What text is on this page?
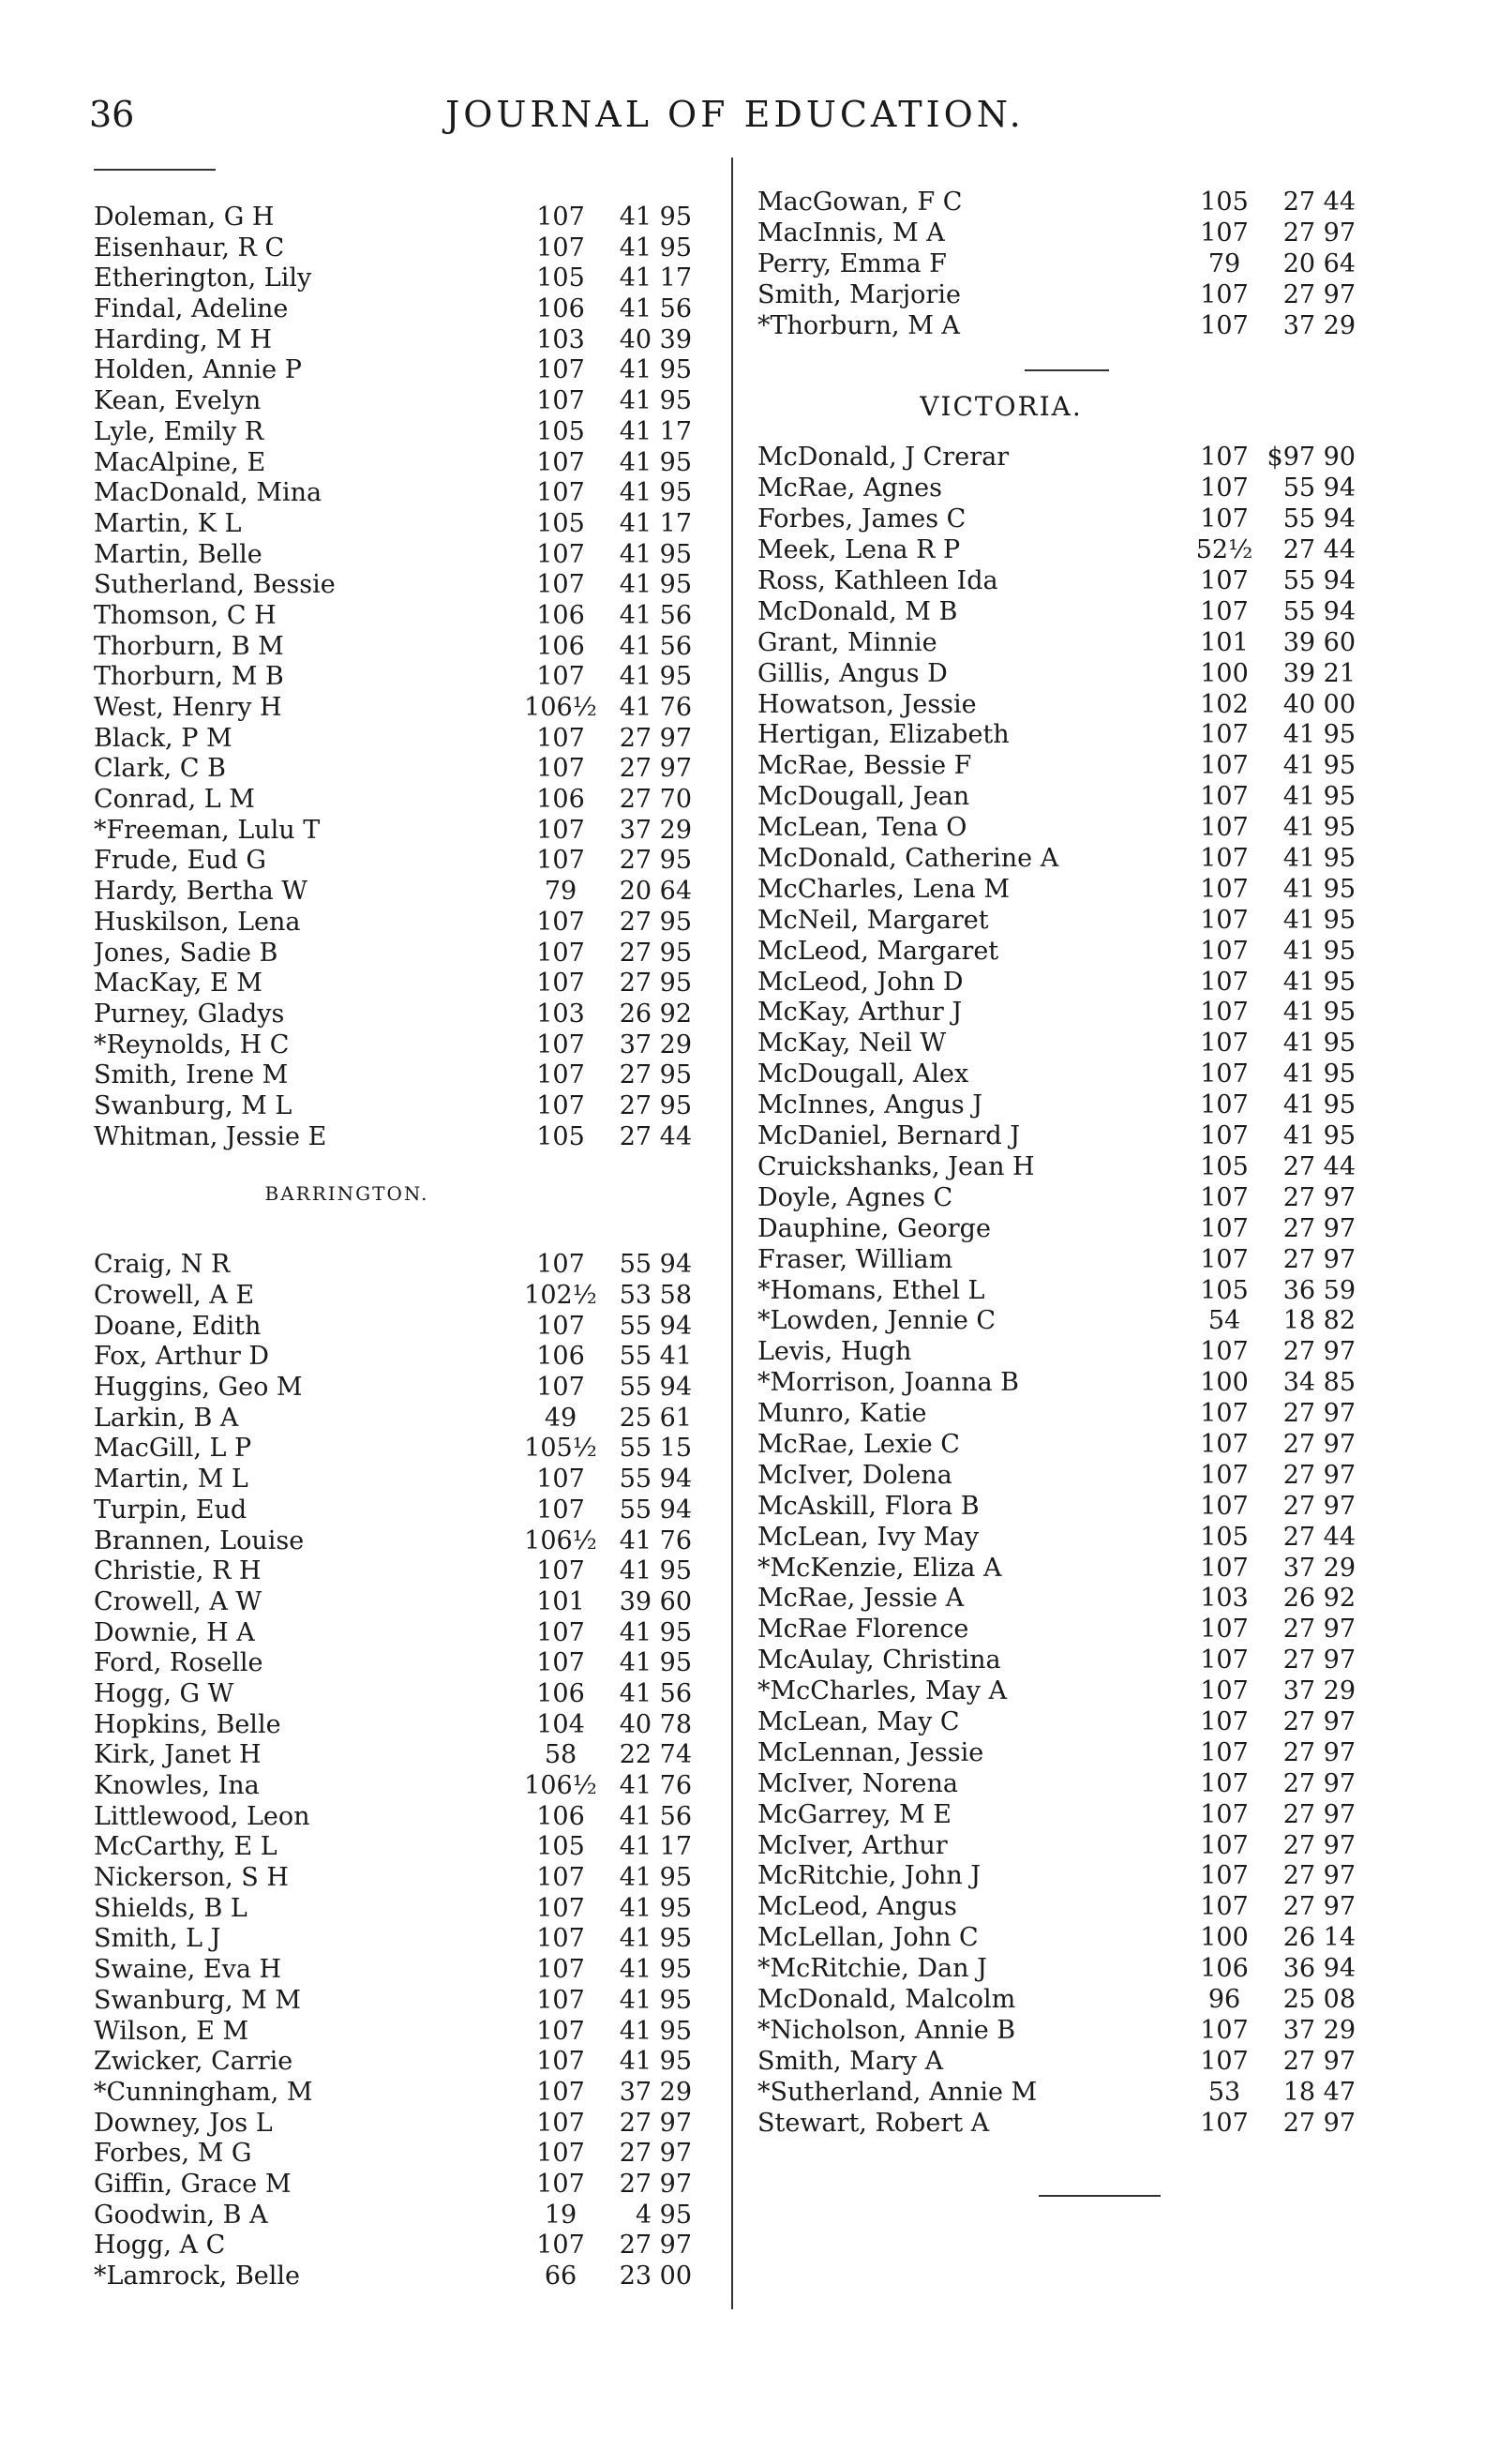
36	JOURNAL OF EDUCATION.
Doleman, G H	107	41 95
Eisenhaur, R C	107	41 95
Etherington, Lily	105	41 17
Findal, Adeline	106	41 56
Harding, M H	103	40 39
Holden, Annie P	107	41 95
Kean, Evelyn	107	41 95
Lyle, Emily R	105	41 17
MacAlpine, E	107	41 95
MacDonald, Mina	107	41 95
Martin, K L	105	41 17
Martin, Belle	107	41 95
Sutherland, Bessie	107	41 95
Thomson, C H	106	41 56
Thorburn, B M	106	41 56
Thorburn, M B	107	41 95
West, Henry H	106½ 41 76
Black, P M	107	27 97
Clark, C B	107	27 97
Conrad, L M	106	27 70
*Freeman, Lulu T	107	37 29
Frude, Eud G	107	27 95
Hardy, Bertha W	79	20 64
Huskilson, Lena	107	27 95
Jones, Sadie B	107	27 95
MacKay, E M	107	27 95
Purney, Gladys	103	26 92
*Reynolds, H C	107	37 29
Smith, Irene M	107	27 95
Swanburg, M L	107	27 95
Whitman, Jessie E	105	27 44
BARRINGTON.
Craig, N R	107	55 94
Crowell, A E	102½ 53 58
Doane, Edith	107	55 94
Fox, Arthur D	106	55 41
Huggins, Geo M	107	55 94
Larkin, B A	49	25 61
MacGill, L P	105½ 55 15
Martin, M L	107	55 94
Turpin, Eud	107	55 94
Brannen, Louise	106½ 41 76
Christie, R H	107	41 95
Crowell, A W	101	39 60
Downie, H A	107	41 95
Ford, Roselle	107	41 95
Hogg, G W	106	41 56
Hopkins, Belle	104	40 78
Kirk, Janet H	58	22 74
Knowles, Ina	106½ 41 76
Littlewood, Leon	106	41 56
McCarthy, E L	105	41 17
Nickerson, S H	107	41 95
Shields, B L	107	41 95
Smith, L J	107	41 95
Swaine, Eva H	107	41 95
Swanburg, M M	107	41 95
Wilson, E M	107	41 95
Zwicker, Carrie	107	41 95
*Cunningham, M	107	37 29
Downey, Jos L	107	27 97
Forbes, M G	107	27 97
Giffin, Grace M	107	27 97
Goodwin, B A	19	4 95
Hogg, A C	107	27 97
*Lamrock, Belle	66	23 00
MacGowan, F C	105	27 44
MacInnis, M A	107	27 97
Perry, Emma F	79	20 64
Smith, Marjorie	107	27 97
*Thorburn, M A	107	37 29
VICTORIA.
McDonald, J Crerar	107 $97 90
McRae, Agnes	107	55 94
Forbes, James C	107	55 94
Meek, Lena R P	52½	27 44
Ross, Kathleen Ida	107	55 94
McDonald, M B	107	55 94
Grant, Minnie	101	39 60
Gillis, Angus D	100	39 21
Howatson, Jessie	102	40 00
Hertigan, Elizabeth	107	41 95
McRae, Bessie F	107	41 95
McDougall, Jean	107	41 95
McLean, Tena O	107	41 95
McDonald, Catherine A	107	41 95
McCharles, Lena M	107	41 95
McNeil, Margaret	107	41 95
McLeod, Margaret	107	41 95
McLeod, John D	107	41 95
McKay, Arthur J	107	41 95
McKay, Neil W	107	41 95
McDougall, Alex	107	41 95
McInnes, Angus J	107	41 95
McDaniel, Bernard J	107	41 95
Cruickshanks, Jean H	105	27 44
Doyle, Agnes C	107	27 97
Dauphine, George	107	27 97
Fraser, William	107	27 97
*Homans, Ethel L	105	36 59
*Lowden, Jennie C	54	18 82
Levis, Hugh	107	27 97
*Morrison, Joanna B	100	34 85
Munro, Katie	107	27 97
McRae, Lexie C	107	27 97
McIver, Dolena	107	27 97
McAskill, Flora B	107	27 97
McLean, Ivy May	105	27 44
*McKenzie, Eliza A	107	37 29
McRae, Jessie A	103	26 92
McRae Florence	107	27 97
McAulay, Christina	107	27 97
*McCharles, May A	107	37 29
McLean, May C	107	27 97
McLennan, Jessie	107	27 97
McIver, Norena	107	27 97
McGarrey, M E	107	27 97
McIver, Arthur	107	27 97
McRitchie, John J	107	27 97
McLeod, Angus	107	27 97
McLellan, John C	100	26 14
*McRitchie, Dan J	106	36 94
McDonald, Malcolm	96	25 08
*Nicholson, Annie B	107	37 29
Smith, Mary A	107	27 97
*Sutherland, Annie M	53	18 47
Stewart, Robert A	107	27 97
